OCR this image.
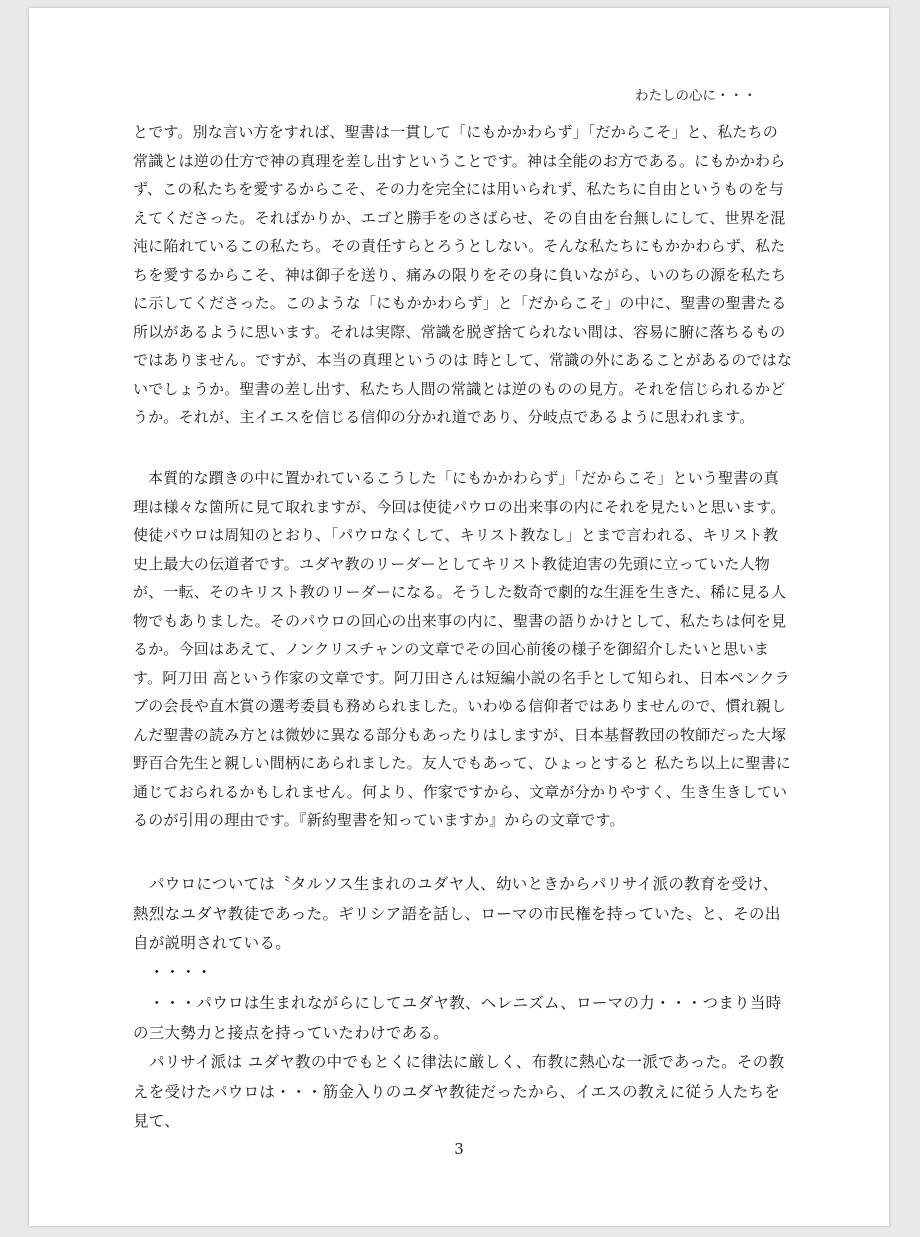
わたしの心に・・・

とです。別な言い方をすれば、聖書は一貫して「にもかかわらず」「だからこそ」と、私たちの常識とは逆の仕方で神の真理を差し出すということです。神は全能のお方である。にもかかわらず、この私たちを愛するからこそ、その力を完全には用いられず、私たちに自由というものを与えてくださった。そればかりか、エゴと勝手をのさばらせ、その自由を台無しにして、世界を混沌に陥れているこの私たち。その責任すらとろうとしない。そんな私たちにもかかわらず、私たちを愛するからこそ、神は御子を送り、痛みの限りをその身に負いながら、いのちの源を私たちに示してくださった。このような「にもかかわらず」と「だからこそ」の中に、聖書の聖書たる所以があるように思います。それは実際、常識を脱ぎ捨てられない間は、容易に腑に落ちるものではありません。ですが、本当の真理というのは 時として、常識の外にあることがあるのではないでしょうか。聖書の差し出す、私たち人間の常識とは逆のものの見方。それを信じられるかどうか。それが、主イエスを信じる信仰の分かれ道であり、分岐点であるように思われます。

本質的な躓きの中に置かれているこうした「にもかかわらず」「だからこそ」という聖書の真理は様々な箇所に見て取れますが、今回は使徒パウロの出来事の内にそれを見たいと思います。使徒パウロは周知のとおり、「パウロなくして、キリスト教なし」とまで言われる、キリスト教史上最大の伝道者です。ユダヤ教のリーダーとしてキリスト教徒迫害の先頭に立っていた人物が、一転、そのキリスト教のリーダーになる。そうした数奇で劇的な生涯を生きた、稀に見る人物でもありました。そのパウロの回心の出来事の内に、聖書の語りかけとして、私たちは何を見るか。今回はあえて、ノンクリスチャンの文章でその回心前後の様子を御紹介したいと思います。阿刀田 高という作家の文章です。阿刀田さんは短編小説の名手として知られ、日本ペンクラブの会長や直木賞の選考委員も務められました。いわゆる信仰者ではありませんので、慣れ親しんだ聖書の読み方とは微妙に異なる部分もあったりはしますが、日本基督教団の牧師だった大塚野百合先生と親しい間柄にあられました。友人でもあって、ひょっとすると 私たち以上に聖書に通じておられるかもしれません。何より、作家ですから、文章が分かりやすく、生き生きしているのが引用の理由です。『新約聖書を知っていますか』からの文章です。

パウロについては〝タルソス生まれのユダヤ人、幼いときからパリサイ派の教育を受け、熱烈なユダヤ教徒であった。ギリシア語を話し、ローマの市民権を持っていた〟と、その出自が説明されている。

・・・・

・・・パウロは生まれながらにしてユダヤ教、ヘレニズム、ローマの力・・・つまり当時の三大勢力と接点を持っていたわけである。

パリサイ派は ユダヤ教の中でもとくに律法に厳しく、布教に熱心な一派であった。その教えを受けたパウロは・・・筋金入りのユダヤ教徒だったから、イエスの教えに従う人たちを見て、

3
